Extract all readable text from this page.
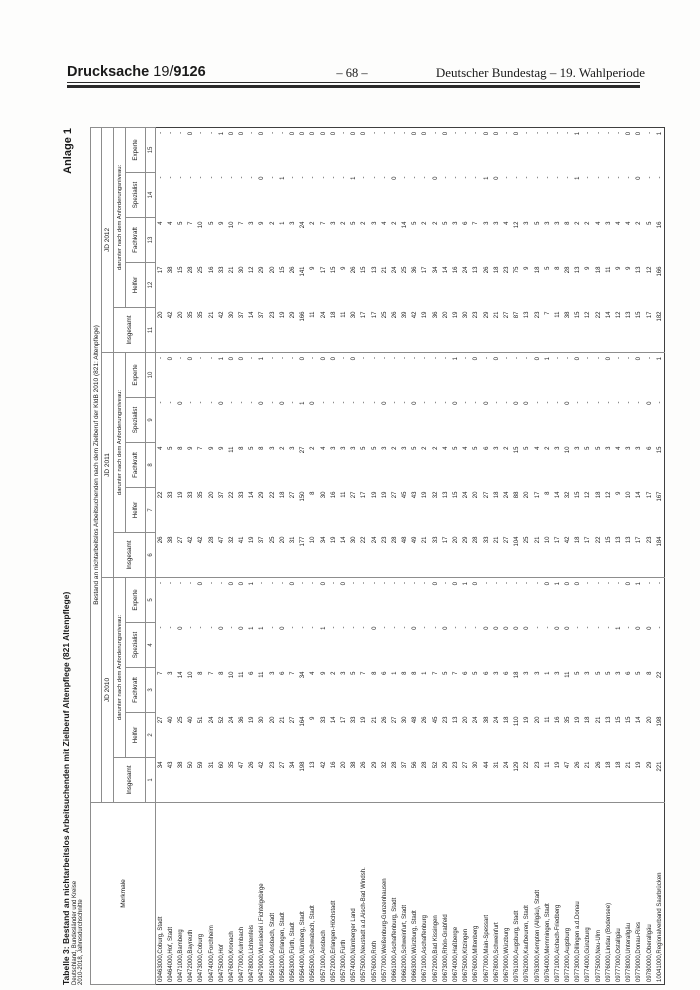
Drucksache 19/9126	– 68 –	Deutscher Bundestag – 19. Wahlperiode
Tabelle 3: Bestand an nichtarbeitslos Arbeitsuchenden mit Zielberuf Altenpflege (821 Altenpflege) Deutschland, Bundesländer und Kreise 2010-2018, Jahresdurchschnitte
Anlage 1
Merkmale	Bestand an nichtarbeitslos Arbeitsuchenden nach dem Zielberuf der KldB 2010 (821: Altenpflege)														
	JD 2010					JD 2011					JD 2012				
	Insgesamt	darunter nach dem Anforderungsniveau:				Insgesamt	darunter nach dem Anforderungsniveau:				Insgesamt	darunter nach dem Anforderungsniveau:			
		Helfer	Fachkraft	Spezialist	Experte		Helfer	Fachkraft	Spezialist	Experte		Helfer	Fachkraft	Spezialist	Experte
	1	2	3	4	5	6	7	8	9	10	11	12	13	14	15
09463000,Coburg, Stadt	34	27	7	-	-	26	22	4	-	-	20	17	4	-	-
09464000,Hof, Stadt	43	40	3	-	-	38	33	5	-	0	42	38	4	-	-
09471000,Bamberg	38	25	14	0	-	27	19	8	0	-	20	15	5	-	-
09472000,Bayreuth	50	40	10	-	-	42	33	9	-	0	35	28	7	-	0
09473000,Coburg	59	51	8	-	0	42	35	7	-	-	35	25	10	-	-
09474000,Forchheim	31	24	7	-	-	28	20	9	-	-	21	16	5	-	-
09475000,Hof	60	52	8	0	-	47	37	9	0	1	42	33	9	-	1
09476000,Kronach	35	24	10	-	0	32	22	11	-	0	30	21	10	-	0
09477000,Kulmbach	47	36	11	0	0	41	33	8	-	0	37	30	7	-	0
09478000,Lichtenfels	26	19	6	1	1	19	14	5	-	-	14	12	3	-	-
09479000,Wunsiedel i.Fichtelgebirge	42	30	11	1	-	37	29	8	0	1	37	29	9	0	0
09561000,Ansbach, Stadt	23	20	3	-	-	25	22	3	-	-	23	20	2	-	-
09562000,Erlangen, Stadt	27	21	6	0	-	20	18	2	0	-	19	15	1	1	-
09563000,Fürth, Stadt	34	27	7	-	0	31	27	3	-	-	29	26	3	-	0
09564000,Nürnberg, Stadt	198	164	34	-	-	177	150	27	1	0	166	141	24	-	0
09565000,Schwabach, Stadt	13	9	4	-	-	10	8	2	0	-	11	9	2	-	0
09571000,Ansbach	42	33	9	1	0	34	30	4	-	0	24	17	7	-	0
09572000,Erlangen-Höchstadt	16	14	2	-	-	19	16	3	-	0	18	15	3	-	0
09573000,Fürth	20	17	3	-	0	14	11	3	-	-	11	9	2	-	-
09574000,Nürnberger Land	38	33	5	-	-	30	27	3	-	0	30	26	5	1	0
09575000,Neustadt a.d.Aisch-Bad Windsh.	26	19	7	-	-	22	17	5	-	-	17	15	2	-	0
09576000,Roth	29	21	8	0	-	24	19	5	-	-	17	13	3	-	-
09577000,Weißenburg-Gunzenhausen	32	26	6	-	-	23	19	3	0	-	25	21	4	-	-
09661000,Aschaffenburg, Stadt	28	27	1	-	-	28	27	2	-	-	26	24	2	0	-
09662000,Schweinfurt, Stadt	37	30	8	-	-	48	45	3	-	-	39	25	14	-	-
09663000,Würzburg, Stadt	56	48	8	0	-	49	43	5	0	-	42	36	5	-	0
09671000,Aschaffenburg	28	26	1	-	-	21	19	2	-	-	19	17	2	-	0
09672000,Bad Kissingen	52	45	7	-	0	33	32	2	-	-	36	34	2	0	-
09673000,Rhön-Grabfeld	29	23	5	0	-	17	13	4	-	-	20	14	5	-	0
09674000,Haßberge	23	13	7	-	0	20	15	5	0	1	19	16	3	-	-
09675000,Kitzingen	27	20	6	-	1	29	24	4	-	-	30	24	6	-	-
09676000,Miltenberg	30	24	5	-	0	28	20	5	-	0	23	13	7	-	-
09677000,Main-Spessart	44	38	6	0	-	33	27	6	0	-	29	26	3	1	0
09678000,Schweinfurt	31	24	3	0	-	21	18	3	-	0	21	18	3	0	0
09679000,Würzburg	24	18	6	0	-	27	24	2	-	-	27	23	4	-	-
09761000,Augsburg, Stadt	129	110	18	0	-	104	88	15	0	-	87	75	12	-	0
09762000,Kaufbeuren, Stadt	22	19	3	0	-	25	20	5	0	-	13	9	3	-	-
09763000,Kempten (Allgäu), Stadt	23	20	3	-	-	21	17	4	-	0	23	18	5	-	-
09764000,Memmingen, Stadt	11	11	1	-	0	10	8	2	-	1	7	5	3	-	-
09771000,Aichach-Friedberg	19	16	3	0	1	17	14	3	-	-	11	8	3	-	-
09772000,Augsburg	47	35	11	0	0	42	32	10	0	-	38	28	8	-	-
09773000,Dillingen a.d.Donau	26	19	5	-	0	18	15	3	-	0	15	13	2	1	1
09774000,Günzburg	21	18	3	-	-	17	12	5	-	-	12	9	2	-	-
09775000,Neu-Ulm	26	21	5	-	-	22	18	5	-	-	22	18	4	-	-
09776000,Lindau (Bodensee)	18	13	5	-	-	15	12	3	-	0	14	11	3	-	-
09777000,Ostallgäu	18	15	3	1	-	13	9	4	-	-	12	9	4	-	-
09778000,Unterallgäu	21	15	6	-	0	13	10	3	-	-	13	9	4	-	0
09779000,Donau-Ries	19	14	5	0	1	17	14	3	-	0	15	13	2	0	0
09780000,Oberallgäu	29	20	8	0	-	23	17	6	0	-	17	12	5	-	-
10041000,Regionalverband Saarbrücken	221	198	22	-	-	184	167	15	-	1	182	166	16	-	1
